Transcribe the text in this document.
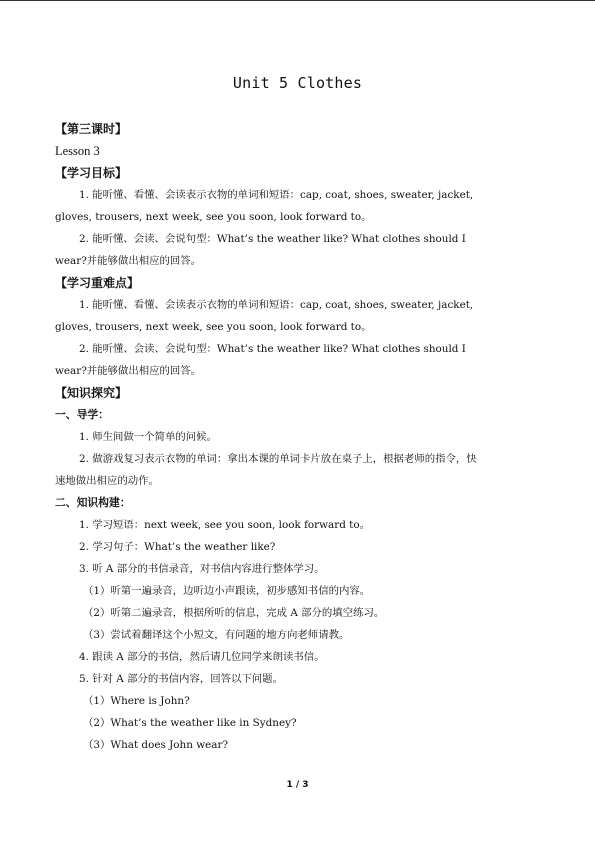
Unit 5 Clothes
【第三课时】
Lesson 3
【学习目标】
1. 能听懂、看懂、会读表示衣物的单词和短语：cap, coat, shoes, sweater, jacket,
gloves, trousers, next week, see you soon, look forward to。
2. 能听懂、会读、会说句型：What’s the weather like? What clothes should I
wear?并能够做出相应的回答。
【学习重难点】
1. 能听懂、看懂、会读表示衣物的单词和短语：cap, coat, shoes, sweater, jacket,
gloves, trousers, next week, see you soon, look forward to。
2. 能听懂、会读、会说句型：What’s the weather like? What clothes should I
wear?并能够做出相应的回答。
【知识探究】
一、导学：
1. 师生间做一个简单的问候。
2. 做游戏复习表示衣物的单词：拿出本课的单词卡片放在桌子上，根据老师的指令，快
速地做出相应的动作。
二、知识构建：
1. 学习短语：next week, see you soon, look forward to。
2. 学习句子：What’s the weather like?
3. 听 A 部分的书信录音，对书信内容进行整体学习。
（1）听第一遍录音，边听边小声跟读，初步感知书信的内容。
（2）听第二遍录音，根据所听的信息，完成 A 部分的填空练习。
（3）尝试着翻译这个小短文，有问题的地方向老师请教。
4. 跟读 A 部分的书信，然后请几位同学来朗读书信。
5. 针对 A 部分的书信内容，回答以下问题。
（1）Where is John?
（2）What’s the weather like in Sydney?
（3）What does John wear?
1 / 3
